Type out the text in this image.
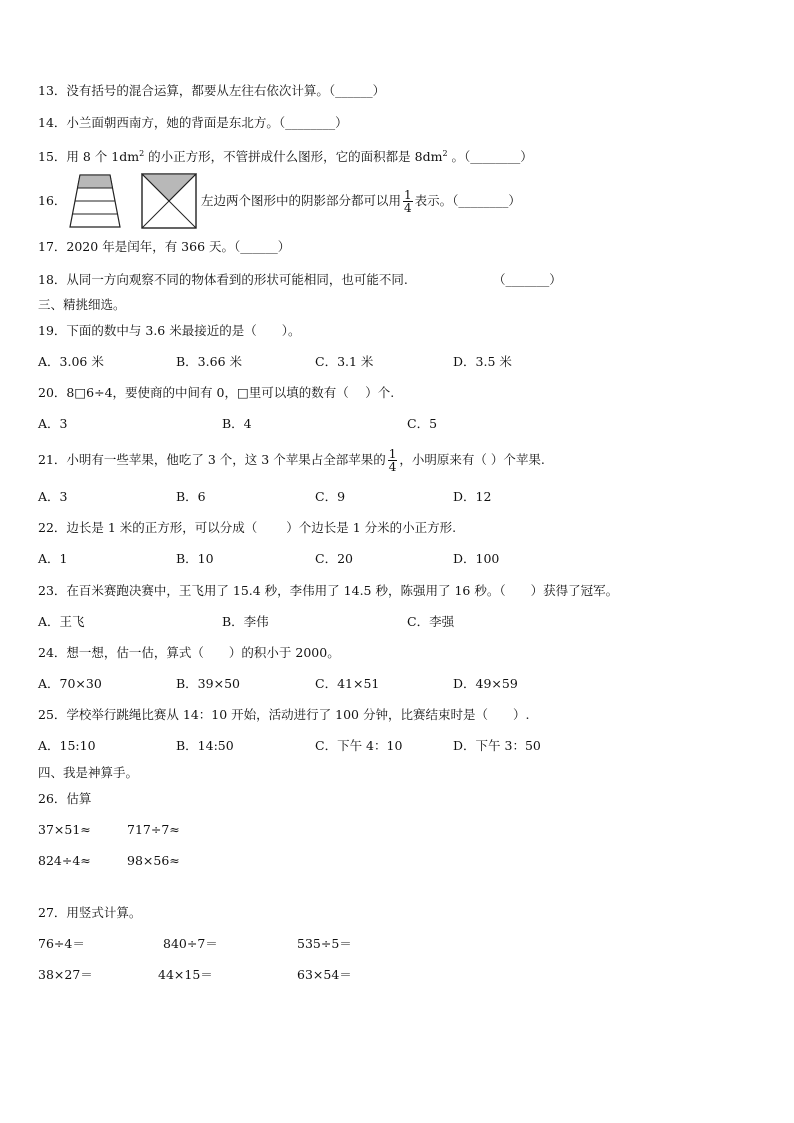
13．没有括号的混合运算，都要从左往右依次计算。（______）
14．小兰面朝西南方，她的背面是东北方。（________）
15．用 8 个 $1dm^2$ 的小正方形，不管拼成什么图形，它的面积都是 $8dm^2$ 。（________）
16．	左边两个图形中的阴影部分都可以用 $\frac{1}{4}$ 表示。（________）
17．2020 年是闰年，有 366 天。（______）
18．从同一方向观察不同的物体看到的形状可能相同，也可能不同.	（_______）
三、精挑细选。
19．下面的数中与 3.6 米最接近的是（　　）。
A．3.06 米	B．3.66 米	C．3.1 米	D．3.5 米
20．8□6÷4，要使商的中间有 0，□里可以填的数有（　 ）个.
A．3	B．4	C．5
21．小明有一些苹果，他吃了 3 个，这 3 个苹果占全部苹果的 $\frac{1}{4}$ ，小明原来有（ ）个苹果.
A．3	B．6	C．9	D．12
22．边长是 1 米的正方形，可以分成（　　 ）个边长是 1 分米的小正方形.
A．1	B．10	C．20	D．100
23．在百米赛跑决赛中，王飞用了 15.4 秒，李伟用了 14.5 秒，陈强用了 16 秒。（　　）获得了冠军。
A．王飞	B．李伟	C．李强
24．想一想，估一估，算式（　　）的积小于 2000。
A．70×30	B．39×50	C．41×51	D．49×59
25．学校举行跳绳比赛从 14：10 开始，活动进行了 100 分钟，比赛结束时是（　　）.
A．15:10	B．14:50	C．下午 4：10	D．下午 3：50
四、我是神算手。
26．估算
37×51≈	717÷7≈
824÷4≈	98×56≈
27．用竖式计算。
76÷4＝	840÷7＝	535÷5＝
38×27＝	44×15＝	63×54＝
